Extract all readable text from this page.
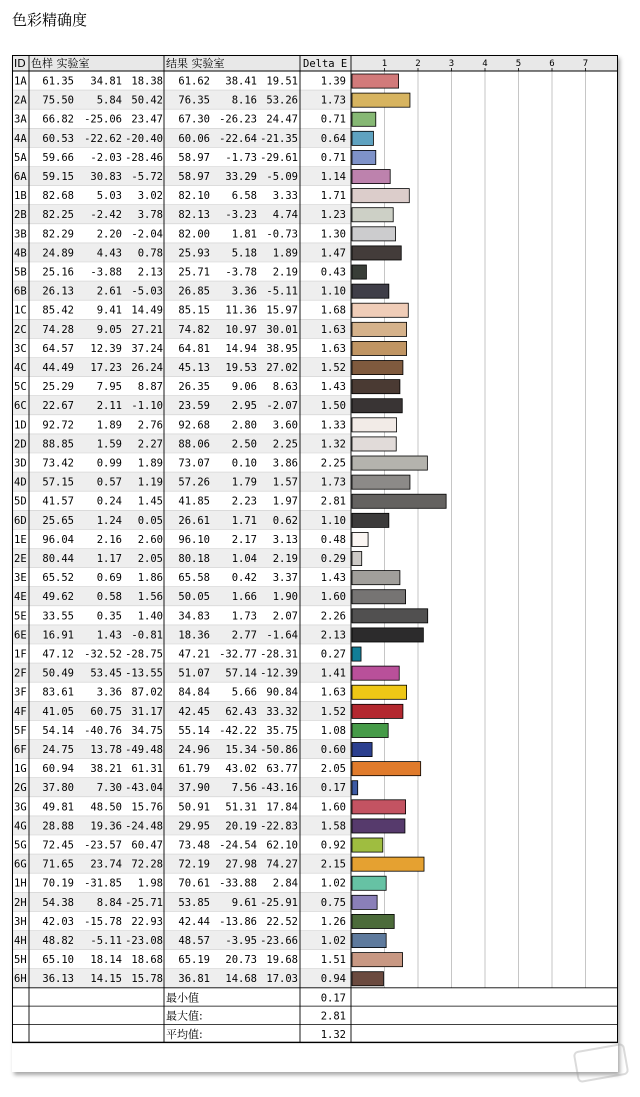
色彩精确度
ID 色样 实验室	结果 实验室	Delta E	1	2	3	4	5	6	7
1A 61.35 34.81 18.38 61.62 38.41 19.51 1.39
2A 75.50 5.84 50.42 76.35 8.16 53.26 1.73
3A 66.82 -25.06 23.47 67.30 -26.23 24.47 0.71
4A 60.53 -22.62 -20.40 60.06 -22.64 -21.35 0.64
5A 59.66 -2.03 -28.46 58.97 -1.73 -29.61 0.71
6A 59.15 30.83 -5.72 58.97 33.29 -5.09 1.14
1B 82.68 5.03 3.02 82.10 6.58 3.33 1.71
2B 82.25 -2.42 3.78 82.13 -3.23 4.74 1.23
3B 82.29 2.20 -2.04 82.00 1.81 -0.73 1.30
4B 24.89 4.43 0.78 25.93 5.18 1.89 1.47
5B 25.16 -3.88 2.13 25.71 -3.78 2.19 0.43
6B 26.13 2.61 -5.03 26.85 3.36 -5.11 1.10
1C 85.42 9.41 14.49 85.15 11.36 15.97 1.68
2C 74.28 9.05 27.21 74.82 10.97 30.01 1.63
3C 64.57 12.39 37.24 64.81 14.94 38.95 1.63
4C 44.49 17.23 26.24 45.13 19.53 27.02 1.52
5C 25.29 7.95 8.87 26.35 9.06 8.63 1.43
6C 22.67 2.11 -1.10 23.59 2.95 -2.07 1.50
1D 92.72 1.89 2.76 92.68 2.80 3.60 1.33
2D 88.85 1.59 2.27 88.06 2.50 2.25 1.32
3D 73.42 0.99 1.89 73.07 0.10 3.86 2.25
4D 57.15 0.57 1.19 57.26 1.79 1.57 1.73
5D 41.57 0.24 1.45 41.85 2.23 1.97 2.81
6D 25.65 1.24 0.05 26.61 1.71 0.62 1.10
1E 96.04 2.16 2.60 96.10 2.17 3.13 0.48
2E 80.44 1.17 2.05 80.18 1.04 2.19 0.29
3E 65.52 0.69 1.86 65.58 0.42 3.37 1.43
4E 49.62 0.58 1.56 50.05 1.66 1.90 1.60
5E 33.55 0.35 1.40 34.83 1.73 2.07 2.26
6E 16.91 1.43 -0.81 18.36 2.77 -1.64 2.13
1F 47.12 -32.52 -28.75 47.21 -32.77 -28.31 0.27
2F 50.49 53.45 -13.55 51.07 57.14 -12.39 1.41
3F 83.61 3.36 87.02 84.84 5.66 90.84 1.63
4F 41.05 60.75 31.17 42.45 62.43 33.32 1.52
5F 54.14 -40.76 34.75 55.14 -42.22 35.75 1.08
6F 24.75 13.78 -49.48 24.96 15.34 -50.86 0.60
1G 60.94 38.21 61.31 61.79 43.02 63.77 2.05
2G 37.80 7.30 -43.04 37.90 7.56 -43.16 0.17
3G 49.81 48.50 15.76 50.91 51.31 17.84 1.60
4G 28.88 19.36 -24.48 29.95 20.19 -22.83 1.58
5G 72.45 -23.57 60.47 73.48 -24.54 62.10 0.92
6G 71.65 23.74 72.28 72.19 27.98 74.27 2.15
1H 70.19 -31.85 1.98 70.61 -33.88 2.84 1.02
2H 54.38 8.84 -25.71 53.85 9.61 -25.91 0.75
3H 42.03 -15.78 22.93 42.44 -13.86 22.52 1.26
4H 48.82 -5.11 -23.08 48.57 -3.95 -23.66 1.02
5H 65.10 18.14 18.68 65.19 20.73 19.68 1.51
6H 36.13 14.15 15.78 36.81 14.68 17.03 0.94
最小值	0.17
最大值:	2.81
平均值:	1.32
